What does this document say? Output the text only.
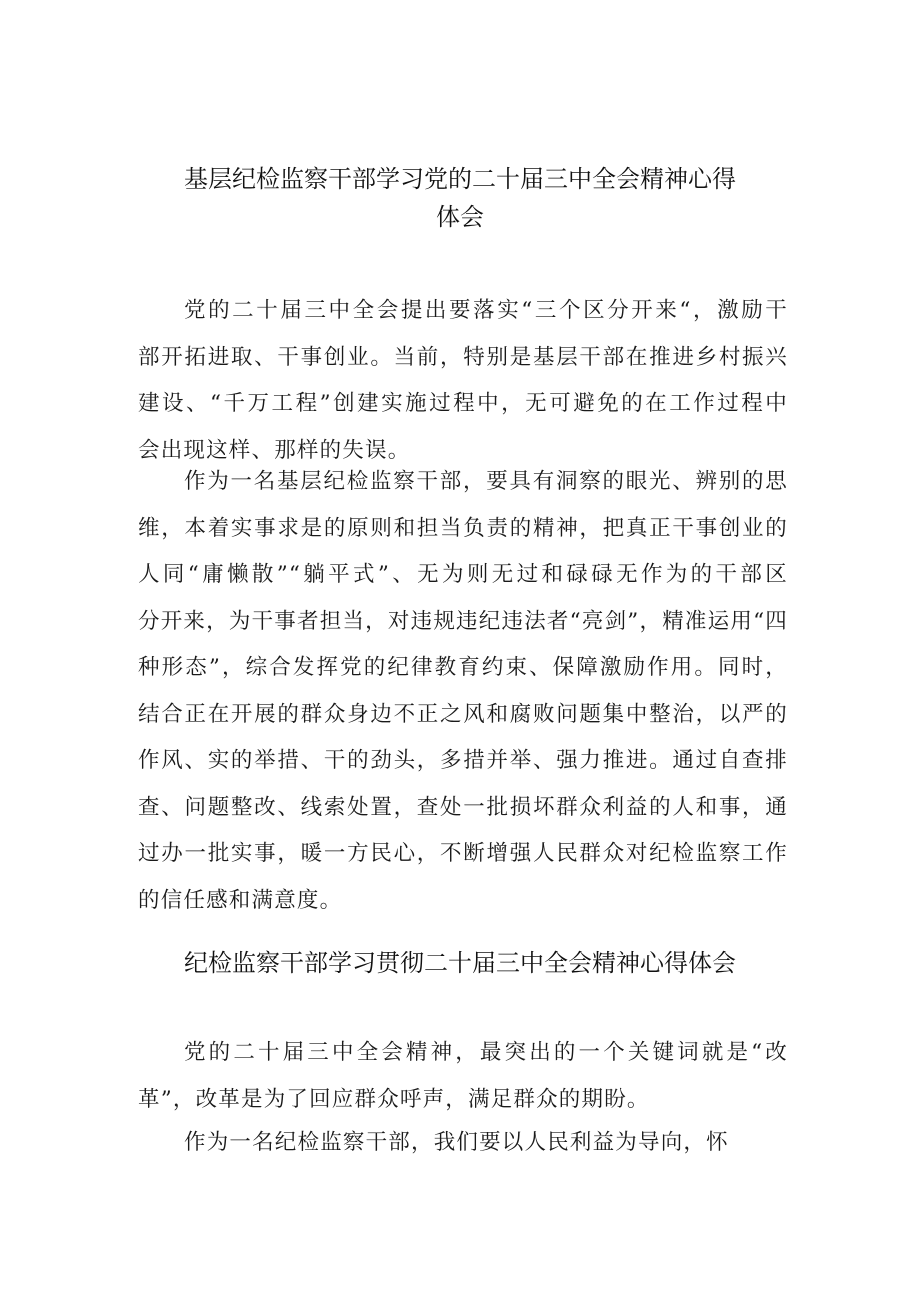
基层纪检监察干部学习党的二十届三中全会精神心得
体会
党的二十届三中全会提出要落实“三个区分开来“，激励干
部开拓进取、干事创业。当前，特别是基层干部在推进乡村振兴
建设、“千万工程”创建实施过程中，无可避免的在工作过程中
会出现这样、那样的失误。
作为一名基层纪检监察干部，要具有洞察的眼光、辨别的思
维，本着实事求是的原则和担当负责的精神，把真正干事创业的
人同“庸懒散”“躺平式”、无为则无过和碌碌无作为的干部区
分开来，为干事者担当，对违规违纪违法者“亮剑”，精准运用“四
种形态”，综合发挥党的纪律教育约束、保障激励作用。同时，
结合正在开展的群众身边不正之风和腐败问题集中整治，以严的
作风、实的举措、干的劲头，多措并举、强力推进。通过自查排
查、问题整改、线索处置，查处一批损坏群众利益的人和事，通
过办一批实事，暖一方民心，不断增强人民群众对纪检监察工作
的信任感和满意度。
纪检监察干部学习贯彻二十届三中全会精神心得体会
党的二十届三中全会精神，最突出的一个关键词就是“改
革”，改革是为了回应群众呼声，满足群众的期盼。
作为一名纪检监察干部，我们要以人民利益为导向，怀
